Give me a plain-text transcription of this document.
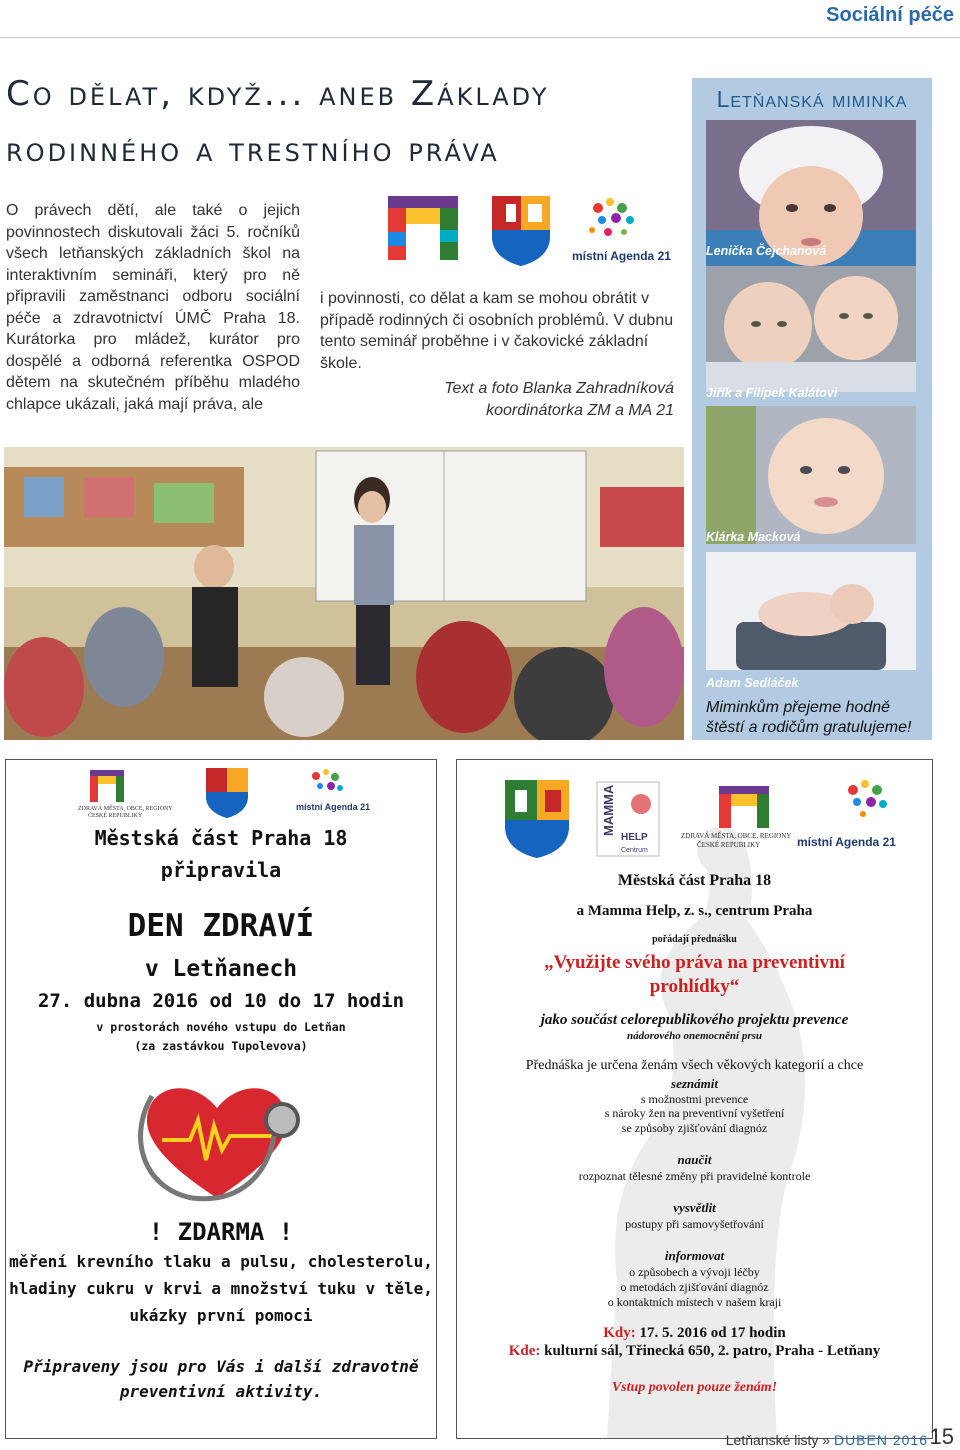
Sociální péče
Co dělat, když... aneb Základy rodinného a trestního práva
O právech dětí, ale také o jejich povinnostech diskutovali žáci 5. ročníků všech letňanských základních škol na interaktivním semináři, který pro ně připravili zaměstnanci odboru sociální péče a zdravotnictví ÚMČ Praha 18. Kurátorka pro mládež, kurátor pro dospělé a odborná referentka OSPOD dětem na skutečném příběhu mladého chlapce ukázali, jaká mají práva, ale
místní Agenda 21
i povinnosti, co dělat a kam se mohou obrátit v případě rodinných či osobních problémů. V dubnu tento seminář proběhne i v čakovické základní škole.
Text a foto Blanka Zahradníková
koordinátorka ZM a MA 21
Letňanská miminka
Lenička Čejchanová
Jiřík a Filípek Kalátovi
Klárka Macková
Adam Sedláček
Miminkům přejeme hodně
štěstí a rodičům gratulujeme!
ZDRAVÁ MĚSTA, OBCE, REGIONY
ČESKÉ REPUBLIKY
místní Agenda 21
Městská část Praha 18
připravila
DEN ZDRAVÍ
v Letňanech
27. dubna 2016 od 10 do 17 hodin
v prostorách nového vstupu do Letňan
(za zastávkou Tupolevova)
! ZDARMA !
měření krevního tlaku a pulsu, cholesterolu,
hladiny cukru v krvi a množství tuku v těle,
ukázky první pomoci
Připraveny jsou pro Vás i další zdravotně
preventivní aktivity.
MAMMA
HELP
Centrum
ZDRAVÁ MĚSTA, OBCE, REGIONY
ČESKÉ REPUBLIKY	místní Agenda 21
Městská část Praha 18
a Mamma Help, z. s., centrum Praha
pořádají přednášku
„Využijte svého práva na preventivní
prohlídky“
jako součást celorepublikového projektu prevence
nádorového onemocnění prsu
Přednáška je určena ženám všech věkových kategorií a chce
seznámit
s možnostmi prevence
s nároky žen na preventivní vyšetření
se způsoby zjišťování diagnóz
naučit
rozpoznat tělesné změny při pravidelné kontrole
vysvětlit
postupy při samovyšetřování
informovat
o způsobech a vývoji léčby
o metodách zjišťování diagnóz
o kontaktních místech v našem kraji
Kdy: 17. 5. 2016 od 17 hodin
Kde: kulturní sál, Třinecká 650, 2. patro, Praha - Letňany
Vstup povolen pouze ženám!
Letňanské listy » DUBEN 2016 15
